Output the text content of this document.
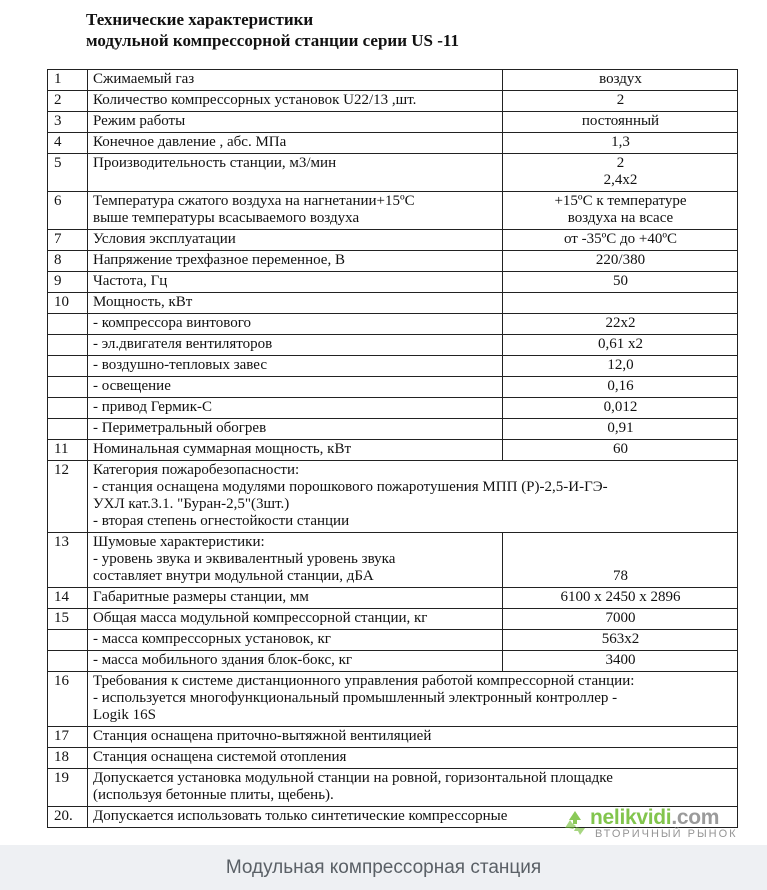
Технические характеристики
модульной компрессорной станции серии US -11
1	Сжимаемый газ	воздух
2	Количество компрессорных установок U22/13 ,шт.	2
3	Режим работы	постоянный
4	Конечное давление , абс. МПа	1,3
5	Производительность станции, м3/мин	2
2,4х2
6	Температура сжатого воздуха на нагнетании+15ºС
выше температуры всасываемого воздуха	+15ºС к температуре
воздуха на всасе
7	Условия эксплуатации	от -35ºС до +40ºС
8	Напряжение трехфазное переменное, В	220/380
9	Частота, Гц	50
10	Мощность, кВт	
	- компрессора винтового	22х2
	- эл.двигателя вентиляторов	0,61 х2
	- воздушно-тепловых завес	12,0
	- освещение	0,16
	- привод Гермик-С	0,012
	- Периметральный обогрев	0,91
11	Номинальная суммарная мощность, кВт	60
12	Категория пожаробезопасности:
- станция оснащена модулями порошкового пожаротушения МПП (Р)-2,5-И-ГЭ-
УХЛ кат.3.1. "Буран-2,5"(3шт.)
- вторая степень огнестойкости станции	
13	Шумовые характеристики:
- уровень звука и эквивалентный уровень звука
составляет внутри модульной станции, дБА	78
14	Габаритные размеры станции, мм	6100 х 2450 х 2896
15	Общая масса модульной компрессорной станции, кг	7000
	- масса компрессорных установок, кг	563х2
	- масса мобильного здания блок-бокс, кг	3400
16	Требования к системе дистанционного управления работой компрессорной станции:
- используется многофункциональный промышленный электронный контроллер -
Logik 16S	
17	Станция оснащена приточно-вытяжной вентиляцией	
18	Станция оснащена системой отопления	
19	Допускается установка модульной станции на ровной, горизонтальной площадке
(используя бетонные плиты, щебень).	
20.	Допускается использовать только синтетические компрессорные		nelikvidi.com
ВТОРИЧНЫЙ РЫНОК
Модульная компрессорная станция
